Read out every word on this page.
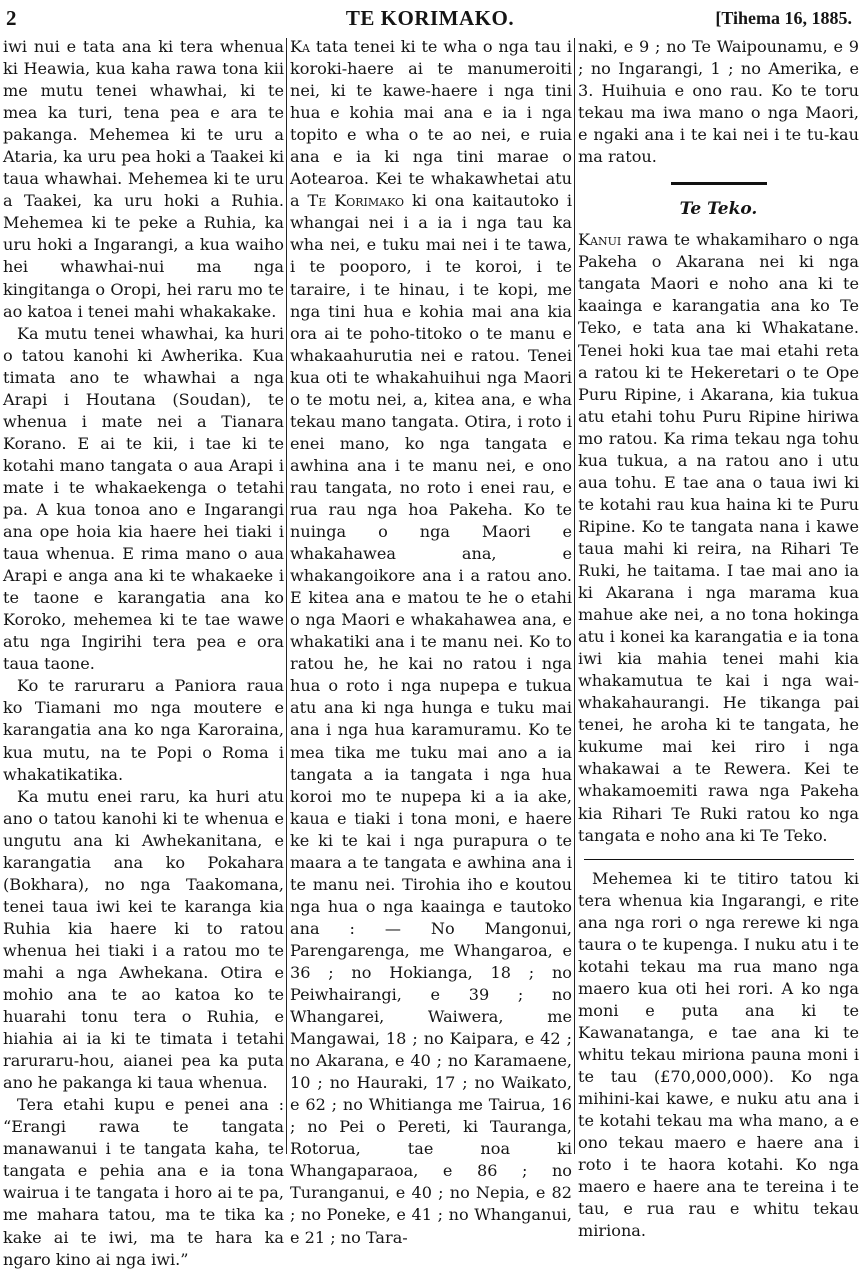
2	TE KORIMAKO.	[Tihema 16, 1885.

iwi nui e tata ana ki tera whenua ki Heawia, kua kaha rawa tona kii me mutu tenei whawhai, ki te mea ka turi, tena pea e ara te pakanga. Mehemea ki te uru a Ataria, ka uru pea hoki a Taakei ki taua whawhai. Mehemea ki te uru a Taakei, ka uru hoki a Ruhia. Mehemea ki te peke a Ruhia, ka uru hoki a Ingarangi, a kua waiho hei whawhai-nui ma nga kingitanga o Oropi, hei raru mo te ao katoa i tenei mahi whakakake.

Ka mutu tenei whawhai, ka huri o tatou kanohi ki Awherika. Kua timata ano te whawhai a nga Arapi i Houtana (Soudan), te whenua i mate nei a Tianara Korano. E ai te kii, i tae ki te kotahi mano tangata o aua Arapi i mate i te whakaekenga o tetahi pa. A kua tonoa ano e Ingarangi ana ope hoia kia haere hei tiaki i taua whenua. E rima mano o aua Arapi e anga ana ki te whakaeke i te taone e karangatia ana ko Koroko, mehemea ki te tae wawe atu nga Ingirihi tera pea e ora taua taone.

Ko te raruraru a Paniora raua ko Tiamani mo nga moutere e karangatia ana ko nga Karoraina, kua mutu, na te Popi o Roma i whakatikatika.

Ka mutu enei raru, ka huri atu ano o tatou kanohi ki te whenua e ungutu ana ki Awhekanitana, e karangatia ana ko Pokahara (Bokhara), no nga Taakomana, tenei taua iwi kei te karanga kia Ruhia kia haere ki to ratou whenua hei tiaki i a ratou mo te mahi a nga Awhekana. Otira e mohio ana te ao katoa ko te huarahi tonu tera o Ruhia, e hiahia ai ia ki te timata i tetahi raruraru-hou, aianei pea ka puta ano he pakanga ki taua whenua.

Tera etahi kupu e penei ana : “Erangi rawa te tangata manawanui i te tangata kaha, te tangata e pehia ana e ia tona wairua i te tangata i horo ai te pa, me mahara tatou, ma te tika ka kake ai te iwi, ma te hara ka ngaro kino ai nga iwi.”

Ka tata tenei ki te wha o nga tau i koroki-haere ai te manumeroiti nei, ki te kawe-haere i nga tini hua e kohia mai ana e ia i nga topito e wha o te ao nei, e ruia ana e ia ki nga tini marae o Aotearoa. Kei te whakawhetai atu a Te Korimako ki ona kaitautoko i whangai nei i a ia i nga tau ka wha nei, e tuku mai nei i te tawa, i te pooporo, i te koroi, i te taraire, i te hinau, i te kopi, me nga tini hua e kohia mai ana kia ora ai te poho-titoko o te manu e whakaahurutia nei e ratou. Tenei kua oti te whakahuihui nga Maori o te motu nei, a, kitea ana, e wha tekau mano tangata. Otira, i roto i enei mano, ko nga tangata e awhina ana i te manu nei, e ono rau tangata, no roto i enei rau, e rua rau nga hoa Pakeha. Ko te nuinga o nga Maori e whakahawea ana, e whakangoikore ana i a ratou ano. E kitea ana e matou te he o etahi o nga Maori e whakahawea ana, e whakatiki ana i te manu nei. Ko to ratou he, he kai no ratou i nga hua o roto i nga nupepa e tukua atu ana ki nga hunga e tuku mai ana i nga hua karamuramu. Ko te mea tika me tuku mai ano a ia tangata a ia tangata i nga hua koroi mo te nupepa ki a ia ake, kaua e tiaki i tona moni, e haere ke ki te kai i nga purapura o te maara a te tangata e awhina ana i te manu nei. Tirohia iho e koutou nga hua o nga kaainga e tautoko ana : — No Mangonui, Parengarenga, me Whangaroa, e 36 ; no Hokianga, 18 ; no Peiwhairangi, e 39 ; no Whangarei, Waiwera, me Mangawai, 18 ; no Kaipara, e 42 ; no Akarana, e 40 ; no Karamaene, 10 ; no Hauraki, 17 ; no Waikato, e 62 ; no Whitianga me Tairua, 16 ; no Pei o Pereti, ki Tauranga, Rotorua, tae noa ki Whangaparaoa, e 86 ; no Turanganui, e 40 ; no Nepia, e 82 ; no Poneke, e 41 ; no Whanganui, e 21 ; no Tara-

naki, e 9 ; no Te Waipounamu, e 9 ; no Ingarangi, 1 ; no Amerika, e 3. Huihuia e ono rau. Ko te toru tekau ma iwa mano o nga Maori, e ngaki ana i te kai nei i te tu-kau ma ratou.

Te Teko.

Kanui rawa te whakamiharo o nga Pakeha o Akarana nei ki nga tangata Maori e noho ana ki te kaainga e karangatia ana ko Te Teko, e tata ana ki Whakatane. Tenei hoki kua tae mai etahi reta a ratou ki te Hekeretari o te Ope Puru Ripine, i Akarana, kia tukua atu etahi tohu Puru Ripine hiriwa mo ratou. Ka rima tekau nga tohu kua tukua, a na ratou ano i utu aua tohu. E tae ana o taua iwi ki te kotahi rau kua haina ki te Puru Ripine. Ko te tangata nana i kawe taua mahi ki reira, na Rihari Te Ruki, he taitama. I tae mai ano ia ki Akarana i nga marama kua mahue ake nei, a no tona hokinga atu i konei ka karangatia e ia tona iwi kia mahia tenei mahi kia whakamutua te kai i nga wai-whakahaurangi. He tikanga pai tenei, he aroha ki te tangata, he kukume mai kei riro i nga whakawai a te Rewera. Kei te whakamoemiti rawa nga Pakeha kia Rihari Te Ruki ratou ko nga tangata e noho ana ki Te Teko.

Mehemea ki te titiro tatou ki tera whenua kia Ingarangi, e rite ana nga rori o nga rerewe ki nga taura o te kupenga. I nuku atu i te kotahi tekau ma rua mano nga maero kua oti hei rori. A ko nga moni e puta ana ki te Kawanatanga, e tae ana ki te whitu tekau miriona pauna moni i te tau (£70,000,000). Ko nga mihini-kai kawe, e nuku atu ana i te kotahi tekau ma wha mano, a e ono tekau maero e haere ana i roto i te haora kotahi. Ko nga maero e haere ana te tereina i te tau, e rua rau e whitu tekau miriona.
